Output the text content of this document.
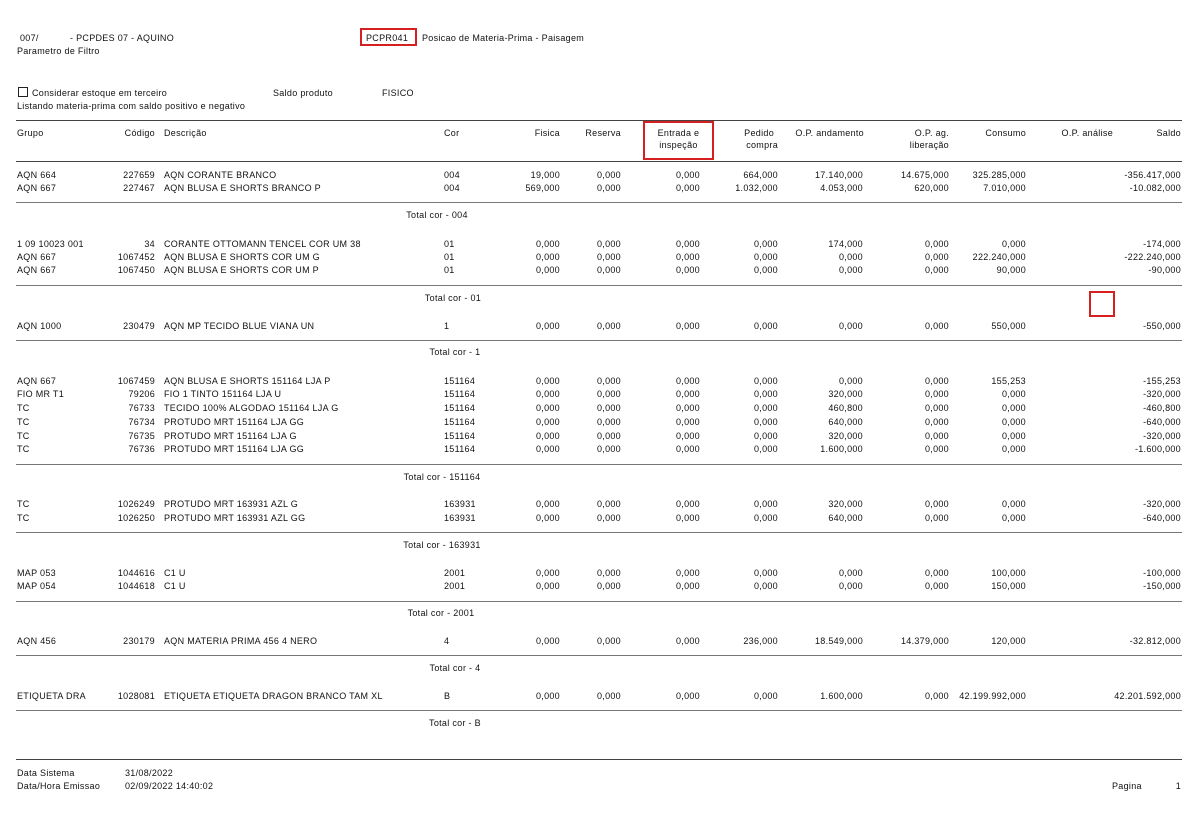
007/	- PCPDES 07 - AQUINO	PCPR041 Posicao de Materia-Prima - Paisagem
Parametro de Filtro
Considerar estoque em terceiro	Saldo produto	FISICO
Listando materia-prima com saldo positivo e negativo
Grupo	Código Descrição	Cor	Fisica	Reserva	Entrada e
inspeção
Pedido
compra
O.P. andamento	O.P. ag.
liberação
Consumo	O.P. análise	Saldo
AQN 664	227659 AQN CORANTE BRANCO	004	19,000	0,000	0,000	664,000	17.140,000	14.675,000	325.285,000	-356.417,000
AQN 667	227467 AQN BLUSA E SHORTS BRANCO P	004	569,000	0,000	0,000	1.032,000	4.053,000	620,000	7.010,000	-10.082,000
Total cor - 004
1 09 10023 001	34 CORANTE OTTOMANN TENCEL COR UM 38	01	0,000	0,000	0,000	0,000	174,000	0,000	0,000	-174,000
AQN 667	1067452 AQN BLUSA E SHORTS COR UM G	01	0,000	0,000	0,000	0,000	0,000	0,000	222.240,000	-222.240,000
AQN 667	1067450 AQN BLUSA E SHORTS COR UM P	01	0,000	0,000	0,000	0,000	0,000	0,000	90,000	-90,000
Total cor - 01
AQN 1000	230479 AQN MP TECIDO BLUE VIANA UN	1	0,000	0,000	0,000	0,000	0,000	0,000	550,000	-550,000
Total cor - 1
AQN 667	1067459 AQN BLUSA E SHORTS 151164 LJA P	151164	0,000	0,000	0,000	0,000	0,000	0,000	155,253	-155,253
FIO MR T1	79206 FIO 1 TINTO 151164 LJA U	151164	0,000	0,000	0,000	0,000	320,000	0,000	0,000	-320,000
TC	76733 TECIDO 100% ALGODAO 151164 LJA G	151164	0,000	0,000	0,000	0,000	460,800	0,000	0,000	-460,800
TC	76734 PROTUDO MRT 151164 LJA GG	151164	0,000	0,000	0,000	0,000	640,000	0,000	0,000	-640,000
TC	76735 PROTUDO MRT 151164 LJA G	151164	0,000	0,000	0,000	0,000	320,000	0,000	0,000	-320,000
TC	76736 PROTUDO MRT 151164 LJA GG	151164	0,000	0,000	0,000	0,000	1.600,000	0,000	0,000	-1.600,000
Total cor - 151164
TC	1026249 PROTUDO MRT 163931 AZL G	163931	0,000	0,000	0,000	0,000	320,000	0,000	0,000	-320,000
TC	1026250 PROTUDO MRT 163931 AZL GG	163931	0,000	0,000	0,000	0,000	640,000	0,000	0,000	-640,000
Total cor - 163931
MAP 053	1044616 C1 U	2001	0,000	0,000	0,000	0,000	0,000	0,000	100,000	-100,000
MAP 054	1044618 C1 U	2001	0,000	0,000	0,000	0,000	0,000	0,000	150,000	-150,000
Total cor - 2001
AQN 456	230179 AQN MATERIA PRIMA 456 4 NERO	4	0,000	0,000	0,000	236,000	18.549,000	14.379,000	120,000	-32.812,000
Total cor - 4
ETIQUETA DRA	1028081 ETIQUETA ETIQUETA DRAGON BRANCO TAM XL	B	0,000	0,000	0,000	0,000	1.600,000	0,000	42.199.992,000	42.201.592,000
Total cor - B
Data Sistema	31/08/2022
Data/Hora Emissao	02/09/2022 14:40:02	Pagina	1
